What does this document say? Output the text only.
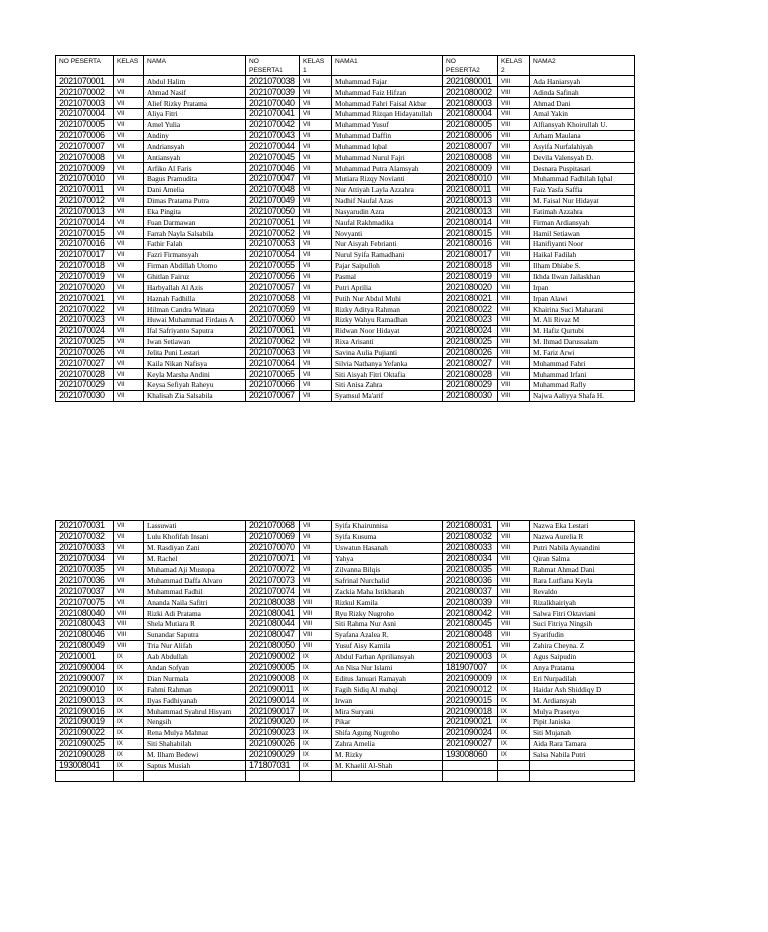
NO PESERTA	KELAS	NAMA	NO PESERTA1	KELAS 1	NAMA1	NO PESERTA2	KELAS 2	NAMA2
2021070001	VII	Abdul Halim	2021070038	VII	Muhammad Fajar	2021080001	VIII	Ada Haniarsyah
2021070002	VII	Ahmad Nasif	2021070039	VII	Muhammad Faiz Hifzan	2021080002	VIII	Adinda Safinah
2021070003	VII	Alief Rizky Pratama	2021070040	VII	Mohammad Fahri Faisal Akbar	2021080003	VIII	Ahmad Dani
2021070004	VII	Aliya Fitri	2021070041	VII	Muhammad Rizqan Hidayatullah	2021080004	VIII	Amal Yakin
2021070005	VII	Amel Yulia	2021070042	VII	Muhammad Yusuf	2021080005	VIII	Alfiansyah Khoirullah U.
2021070006	VII	Andiny	2021070043	VII	Muhammad Daffin	2021080006	VIII	Arham Maulana
2021070007	VII	Andriansyah	2021070044	VII	Muhammad Iqbal	2021080007	VIII	Asyifa Nurfalahiyah
2021070008	VII	Antiansyah	2021070045	VII	Muhammad Nurul Fajri	2021080008	VIII	Devila Valensyah D.
2021070009	VII	Arfiko Al Faris	2021070046	VII	Muhammad Putra Alamsyah	2021080009	VIII	Desnara Puspitasari
2021070010	VII	Bagus Pramudita	2021070047	VII	Mutiara Rizqy Novianti	2021080010	VIII	Muhammad Fadhilah Iqbal
2021070011	VII	Dani Amelia	2021070048	VII	Nur Attiyah Layla Azzahra	2021080011	VIII	Faiz Yasfa Saffia
2021070012	VII	Dimas Pratama Putra	2021070049	VII	Nadhif Naufal Azas	2021080013	VIII	M. Faisal Nur Hidayat
2021070013	VII	Eka Pingita	2021070050	VII	Nasyarudin Azra	2021080013	VIII	Fatimah Azzahra
2021070014	VII	Fuan Darmawan	2021070051	VII	Naufal Rakhmadika	2021080014	VIII	Firman Ardiansyah
2021070015	VII	Farrah Nayla Salsabila	2021070052	VII	Novyanti	2021080015	VIII	Hamil Setiawan
2021070016	VII	Fathir Falah	2021070053	VII	Nur Aisyah Febrianti	2021080016	VIII	Hanifiyanti Noor
2021070017	VII	Fazri Firmansyah	2021070054	VII	Nurul Syifa Ramadhani	2021080017	VIII	Haikal Fadilah
2021070018	VII	Firman Abdillah Utomo	2021070055	VII	Pajar Saipulloh	2021080018	VIII	Ilham Dhiabe S.
2021070019	VII	Ghitlan Fairuz	2021070056	VII	Pasmal	2021080019	VIII	Ikhda Ilwan Jailaskhan
2021070020	VII	Harbyallah Al Azis	2021070057	VII	Putri Aprilia	2021080020	VIII	Irpan
2021070021	VII	Haznah Fadhilla	2021070058	VII	Putih Nur Abdul Muhi	2021080021	VIII	Irpan Alawi
2021070022	VII	Hilman Candra Winata	2021070059	VII	Rizky Aditya Rahman	2021080022	VIII	Khairina Suci Maharani
2021070023	VII	Huwai Muhammad Firdaus A	2021070060	VII	Rizky Wahyu Ramadhan	2021080023	VIII	M. Ali Rivaz M
2021070024	VII	Ifal Safriyanto Saputra	2021070061	VII	Ridwan Noor Hidayat	2021080024	VIII	M. Hafiz Qurtubi
2021070025	VII	Iwan Setiawan	2021070062	VII	Rixa Arisanti	2021080025	VIII	M. Ihmad Darussalam
2021070026	VII	Jelita Puni Lestari	2021070063	VII	Savina Aulia Pujianti	2021080026	VIII	M. Fariz Arwi
2021070027	VII	Kaila Nikan Nafisya	2021070064	VII	Silvia Nathanya Yefanka	2021080027	VIII	Muhammad Fahri
2021070028	VII	Keyla Marsha Andini	2021070065	VII	Siti Aisyah Fitri Oktafia	2021080028	VIII	Muhammad Irfani
2021070029	VII	Keysa Sefiyah Raheyu	2021070066	VII	Siti Anisa Zahra	2021080029	VIII	Muhammad Rafly
2021070030	VII	Khalisah Zia Salsabila	2021070067	VII	Syamsul Ma'arif	2021080030	VIII	Najwa Aaliyya Shafa H.
2021070031	VII	Lassuwati	2021070068	VII	Syifa Khairunnisa	2021080031	VIII	Nazwa Eka Lestari
2021070032	VII	Lulu Khofifah Insani	2021070069	VII	Syifa Kusuma	2021080032	VIII	Nazwa Aurelia R
2021070033	VII	M. Rasdiyan Zani	2021070070	VII	Uswatun Hasanah	2021080033	VIII	Putri Nabila Ayuandini
2021070034	VII	M. Rachel	2021070071	VII	Yahya	2021080034	VIII	Qiran Salma
2021070035	VII	Muhamad Aji Mustopa	2021070072	VII	Zilvanna Bilqis	2021080035	VIII	Rahmat Ahmad Dani
2021070036	VII	Muhammad Daffa Alvaro	2021070073	VII	Safrinal Nurchalid	2021080036	VIII	Rara Lutfiana Keyla
2021070037	VII	Muhammad Fadhil	2021070074	VII	Zackia Maha Istikharah	2021080037	VIII	Revaldo
2021070075	VII	Ananda Naila Safitri	2021080038	VIII	Rizkul Kamila	2021080039	VIII	Rizalkhairiyah
2021080040	VIII	Rizki Adi Pratama	2021080041	VIII	Ryu Rizky Nugroho	2021080042	VIII	Salwa Fitri Oktaviani
2021080043	VIII	Shela Mutiara R	2021080044	VIII	Siti Rahma Nur Asni	2021080045	VIII	Suci Fitriya Ningsih
2021080046	VIII	Sunandar Saputra	2021080047	VIII	Syafana Azalea R.	2021080048	VIII	Syarifudin
2021080049	VIII	Tria Nur Alifah	2021080050	VIII	Yusuf Aisy Kamila	2021080051	VIII	Zahira Cheyna. Z
20210001	IX	Aab Abdullah	2021090002	IX	Abdul Farhan Apriliansyah	2021090003	IX	Agus Saipudin
2021090004	IX	Andan Sofyan	2021090005	IX	An Nisa Nur Islami	181907007	IX	Anya Pratama
2021090007	IX	Dian Nurmala	2021090008	IX	Editus Januari Ramayah	2021090009	IX	Eri Nurpadilah
2021090010	IX	Fahmi Rahman	2021090011	IX	Fagih Sidiq Al mahqi	2021090012	IX	Haidar Ash Shiddiqy D
2021090013	IX	Ilyas Fadhiyanah	2021090014	IX	Irwan	2021090015	IX	M. Ardiansyah
2021090016	IX	Muhammad Syahrul Hisyam	2021090017	IX	Mira Suryani	2021090018	IX	Mulya Prasetyo
2021090019	IX	Nengsih	2021090020	IX	Pikar	2021090021	IX	Pipit Janiska
2021090022	IX	Rena Mulya Mahnaz	2021090023	IX	Shifa Agung Nugroho	2021090024	IX	Siti Mujanah
2021090025	IX	Siti Shahabilah	2021090026	IX	Zahra Amelia	2021090027	IX	Aida Rara Tamara
2021090028	IX	M. Ilham Bedewi	2021090029	IX	M. Rizky	193008060	IX	Salsa Nabila Putri
193008041	IX	Saptus Musiah	171807031	IX	M. Khaelil Al-Shah			
